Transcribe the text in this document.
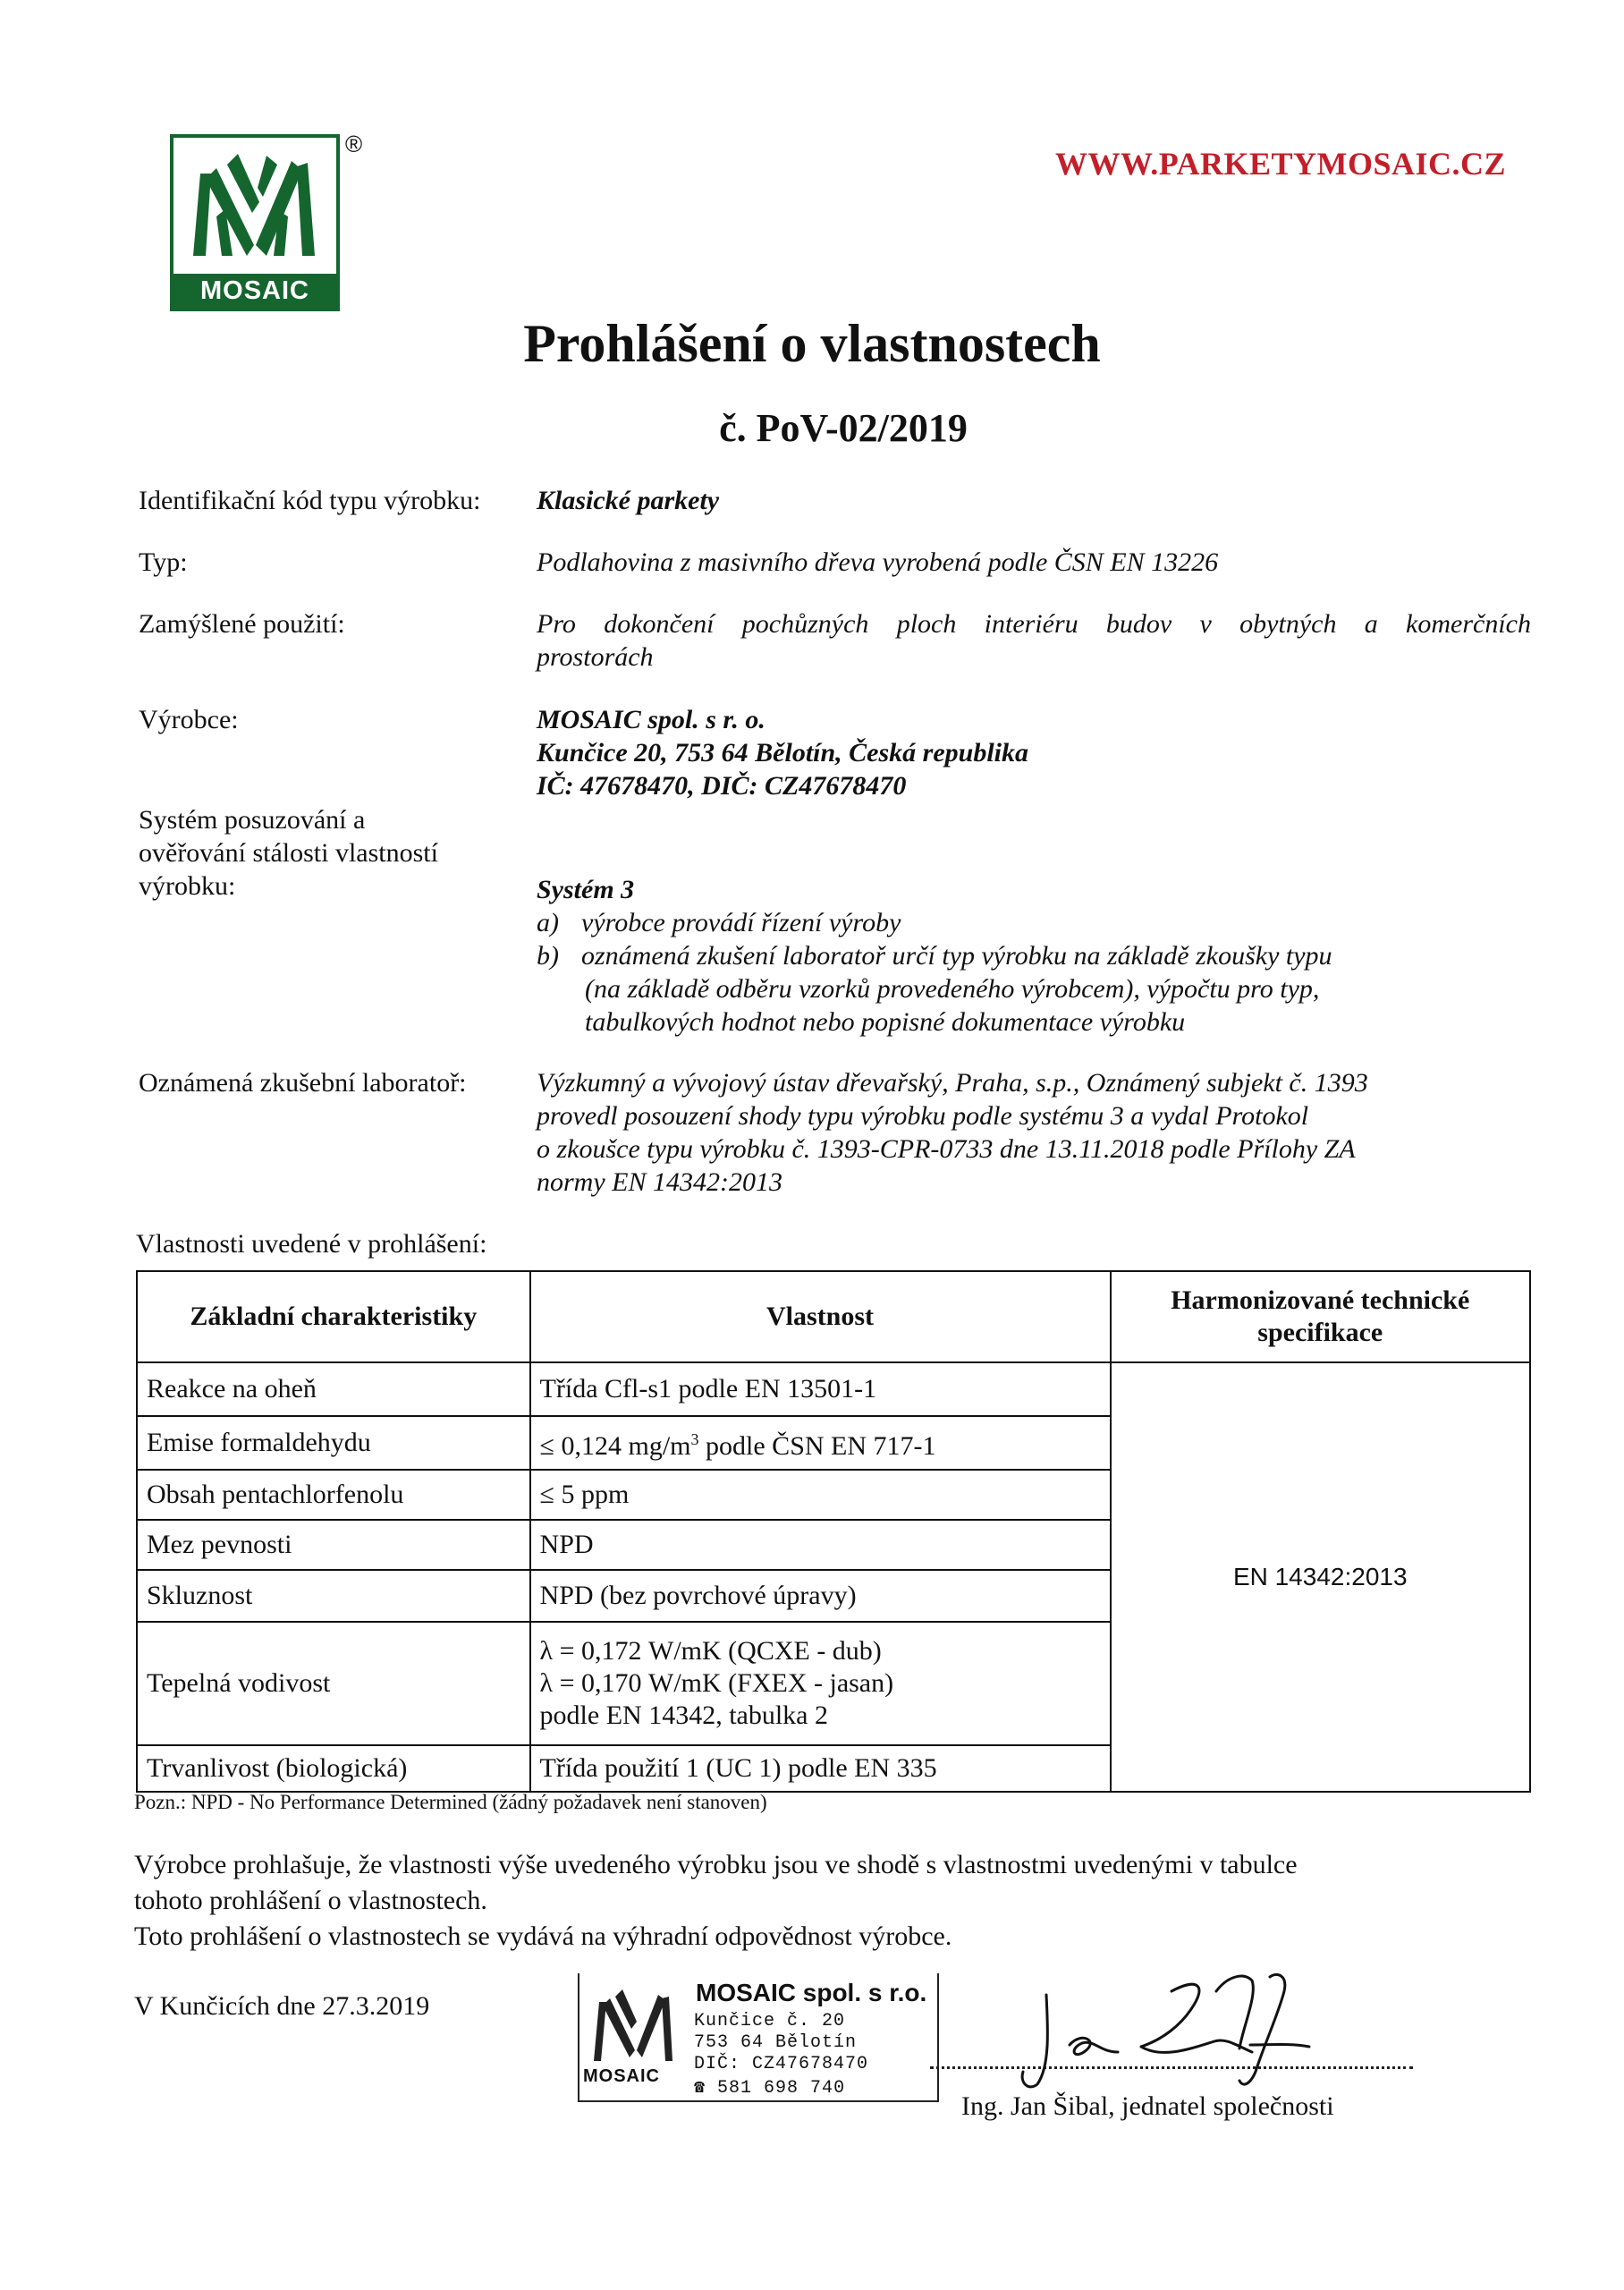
MOSAIC
®
WWW.PARKETYMOSAIC.CZ
Prohlášení o vlastnostech
č. PoV-02/2019
Identifikační kód typu výrobku: Klasické parkety
Typ:	Podlahovina z masivního dřeva vyrobená podle ČSN EN 13226
Zamýšlené použití:	Pro dokončení pochůzných ploch interiéru budov v obytných a komerčních
prostorách
Výrobce:	MOSAIC spol. s r. o.
Kunčice 20, 753 64 Bělotín, Česká republika
IČ: 47678470, DIČ: CZ47678470
Systém posuzování a
ověřování stálosti vlastností
výrobku:	Systém 3
a) výrobce provádí řízení výroby
b) oznámená zkušení laboratoř určí typ výrobku na základě zkoušky typu
(na základě odběru vzorků provedeného výrobcem), výpočtu pro typ,
tabulkových hodnot nebo popisné dokumentace výrobku
Oznámená zkušební laboratoř:	Výzkumný a vývojový ústav dřevařský, Praha, s.p., Oznámený subjekt č. 1393
provedl posouzení shody typu výrobku podle systému 3 a vydal Protokol
o zkoušce typu výrobku č. 1393-CPR-0733 dne 13.11.2018 podle Přílohy ZA
normy EN 14342:2013
Vlastnosti uvedené v prohlášení:
Základní charakteristiky	Vlastnost	Harmonizované technické
specifikace

Reakce na oheň	Třída Cfl-s1 podle EN 13501-1	EN 14342:2013
Emise formaldehydu	≤ 0,124 $mg/m^3$ podle ČSN EN 717-1	
Obsah pentachlorfenolu	≤ 5 ppm	
Mez pevnosti	NPD	
Skluznost	NPD (bez povrchové úpravy)	
Tepelná vodivost	λ = 0,172 W/mK (QCXE - dub)
λ = 0,170 W/mK (FXEX - jasan)
podle EN 14342, tabulka 2	

Trvanlivost (biologická)	Třída použití 1 (UC 1) podle EN 335	
Pozn.: NPD - No Performance Determined (žádný požadavek není stanoven)
Výrobce prohlašuje, že vlastnosti výše uvedeného výrobku jsou ve shodě s vlastnostmi uvedenými v tabulce
tohoto prohlášení o vlastnostech.
Toto prohlášení o vlastnostech se vydává na výhradní odpovědnost výrobce.
V Kunčicích dne 27.3.2019
MOSAIC
MOSAIC spol. s r.o.
Kunčice č. 20
753 64 Bělotín
DIČ: CZ47678470
☎ 581 698 740
Ing. Jan Šibal, jednatel společnosti
